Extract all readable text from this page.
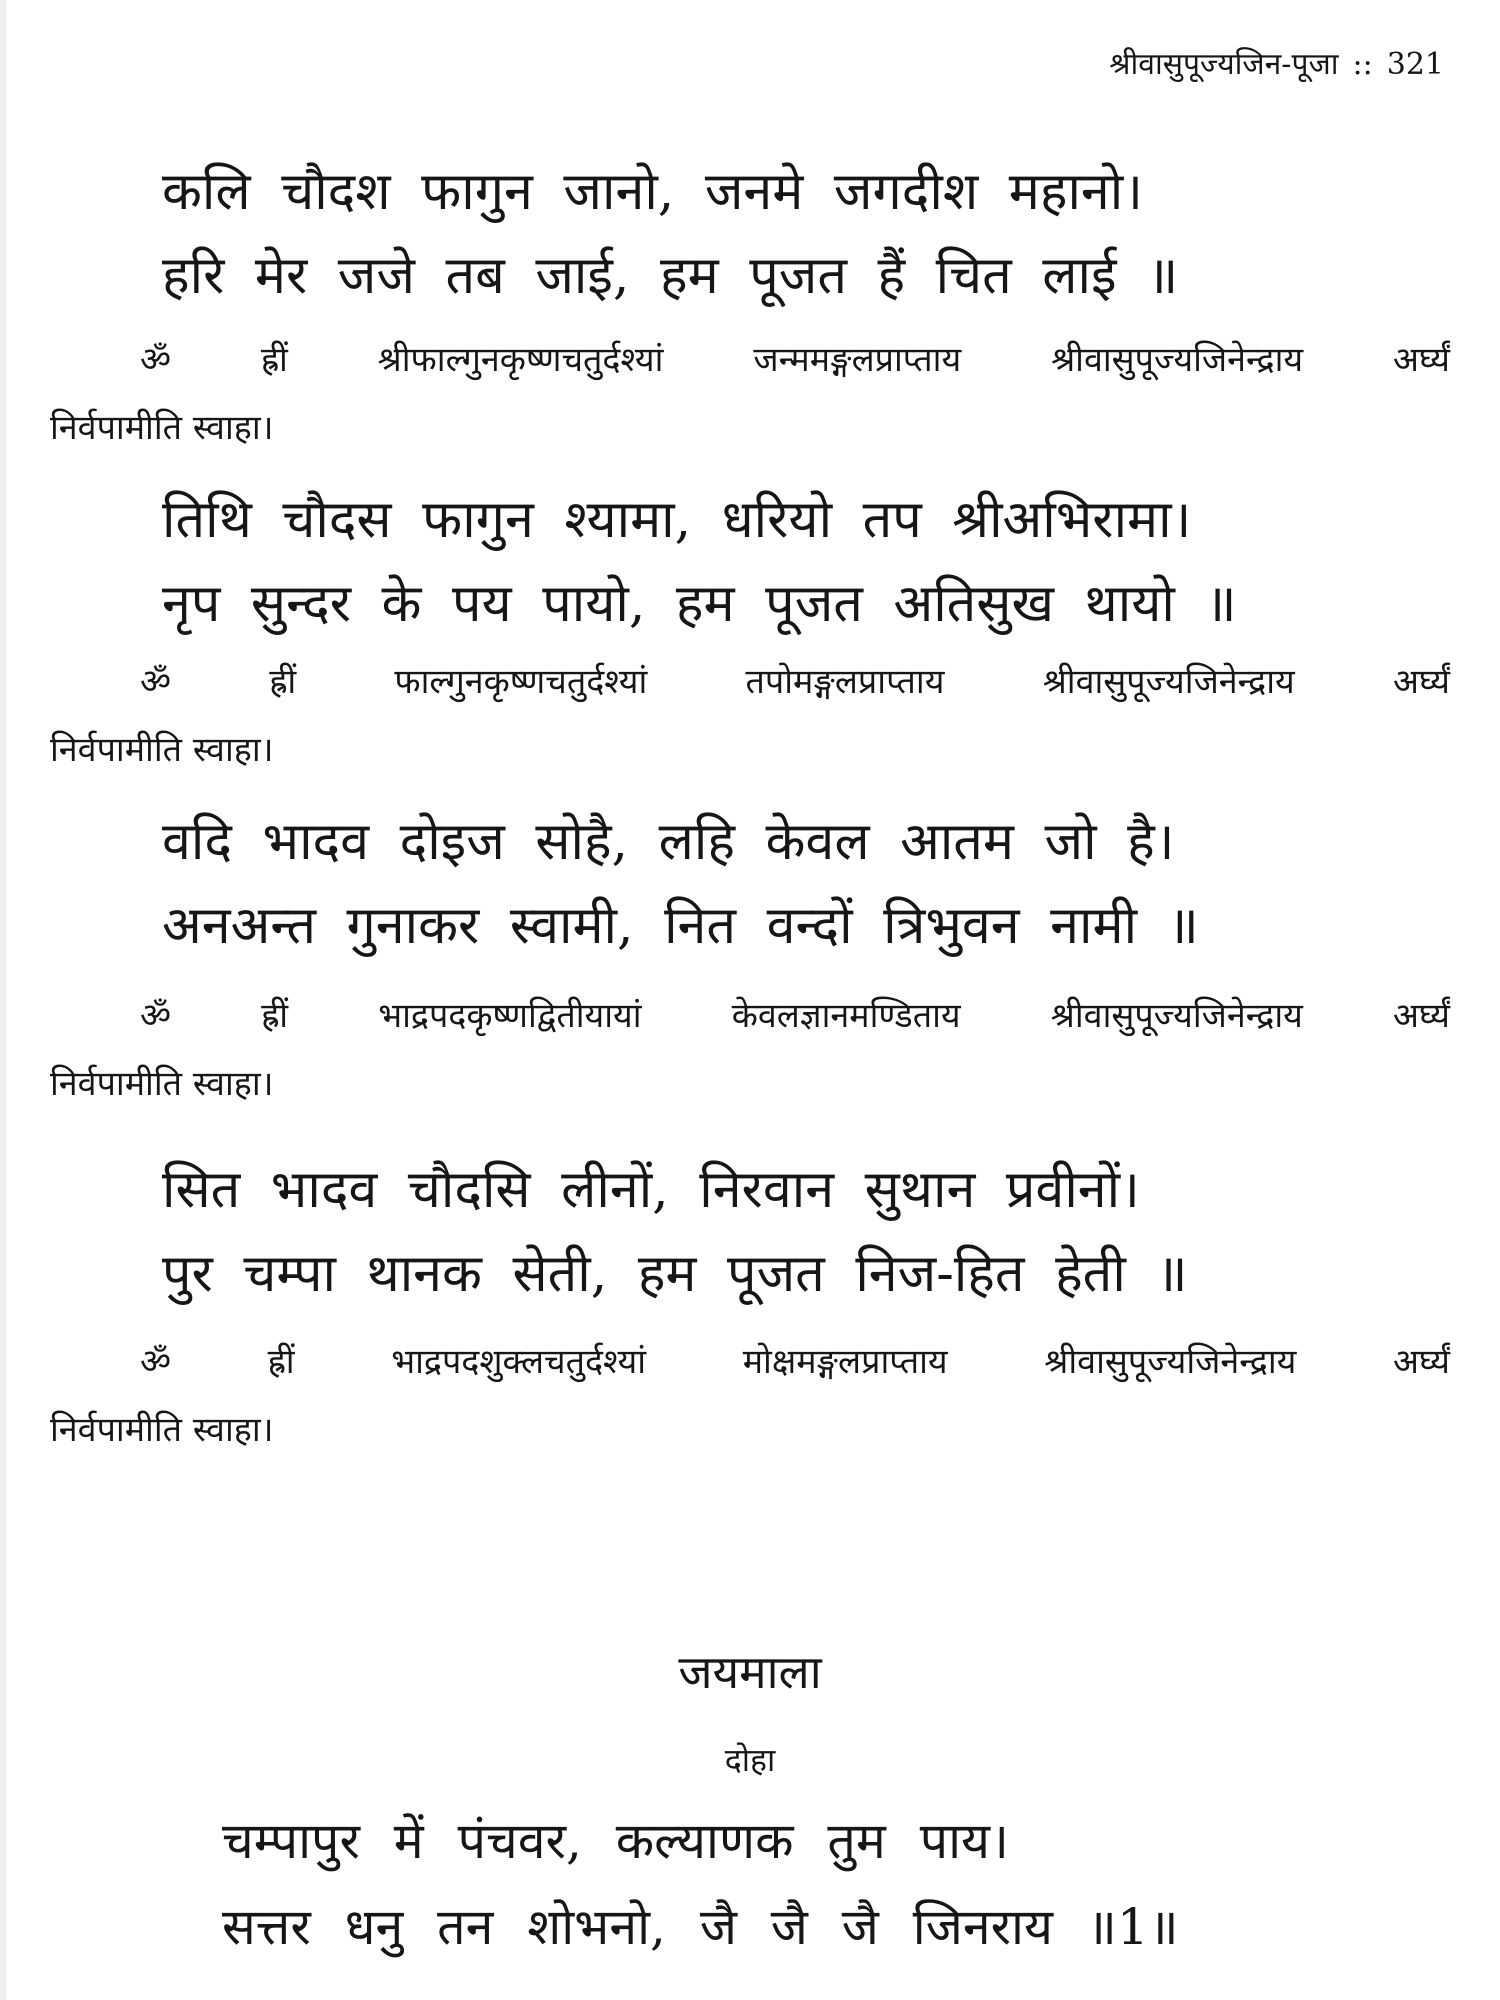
श्रीवासुपूज्यजिन-पूजा :: 321
कलि चौदश फागुन जानो, जनमे जगदीश महानो।
हरि मेर जजे तब जाई, हम पूजत हैं चित लाई ॥
ॐ ह्रीं श्रीफाल्गुनकृष्णचतुर्दश्यां जन्ममङ्गलप्राप्ताय श्रीवासुपूज्यजिनेन्द्राय अर्घ्यं
निर्वपामीति स्वाहा।
तिथि चौदस फागुन श्यामा, धरियो तप श्रीअभिरामा।
नृप सुन्दर के पय पायो, हम पूजत अतिसुख थायो ॥
ॐ ह्रीं फाल्गुनकृष्णचतुर्दश्यां तपोमङ्गलप्राप्ताय श्रीवासुपूज्यजिनेन्द्राय अर्घ्यं
निर्वपामीति स्वाहा।
वदि भादव दोइज सोहै, लहि केवल आतम जो है।
अनअन्त गुनाकर स्वामी, नित वन्दों त्रिभुवन नामी ॥
ॐ ह्रीं भाद्रपदकृष्णद्वितीयायां केवलज्ञानमण्डिताय श्रीवासुपूज्यजिनेन्द्राय अर्घ्यं
निर्वपामीति स्वाहा।
सित भादव चौदसि लीनों, निरवान सुथान प्रवीनों।
पुर चम्पा थानक सेती, हम पूजत निज-हित हेती ॥
ॐ ह्रीं भाद्रपदशुक्लचतुर्दश्यां मोक्षमङ्गलप्राप्ताय श्रीवासुपूज्यजिनेन्द्राय अर्घ्यं
निर्वपामीति स्वाहा।
जयमाला
दोहा
चम्पापुर में पंचवर, कल्याणक तुम पाय।
सत्तर धनु तन शोभनो, जै जै जै जिनराय ॥1॥
